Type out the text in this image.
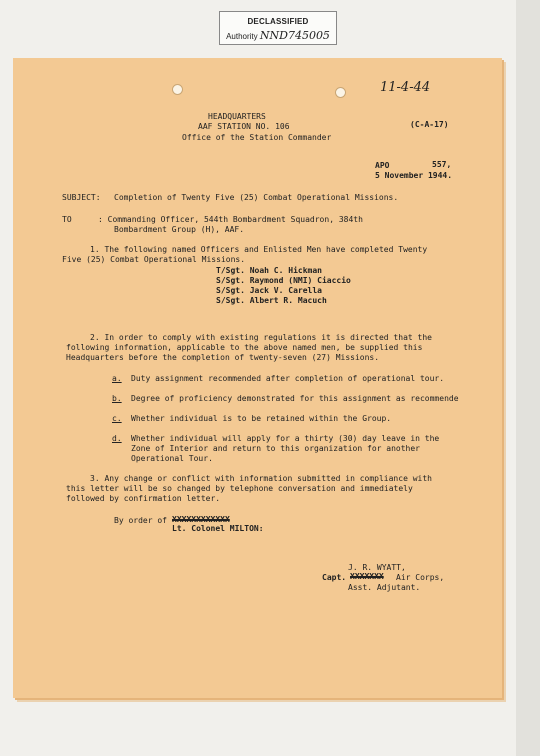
DECLASSIFIED
Authority NND745005
11-4-44
HEADQUARTERS
AAF STATION NO. 106
Office of the Station Commander
(C-A-17)
APO	557,
5 November 1944.
SUBJECT: Completion of Twenty Five (25) Combat Operational Missions.
TO	: Commanding Officer, 544th Bombardment Squadron, 384th
Bombardment Group (H), AAF.
1. The following named Officers and Enlisted Men have completed Twenty
Five (25) Combat Operational Missions.
T/Sgt. Noah C. Hickman
S/Sgt. Raymond (NMI) Ciaccio
S/Sgt. Jack V. Carella
S/Sgt. Albert R. Macuch
2. In order to comply with existing regulations it is directed that the
following information, applicable to the above named men, be supplied this
Headquarters before the completion of twenty-seven (27) Missions.
a. Duty assignment recommended after completion of operational tour.
b. Degree of proficiency demonstrated for this assignment as recommende
c. Whether individual is to be retained within the Group.
d. Whether individual will apply for a thirty (30) day leave in the
Zone of Interior and return to this organization for another
Operational Tour.
3. Any change or conflict with information submitted in compliance with
this letter will be so changed by telephone conversation and immediately
followed by confirmation letter.
By order of XXXXXXXXXXXX
Lt. Colonel MILTON:
J. R. WYATT,
Capt. XXXXXXX Air Corps,
Asst. Adjutant.
